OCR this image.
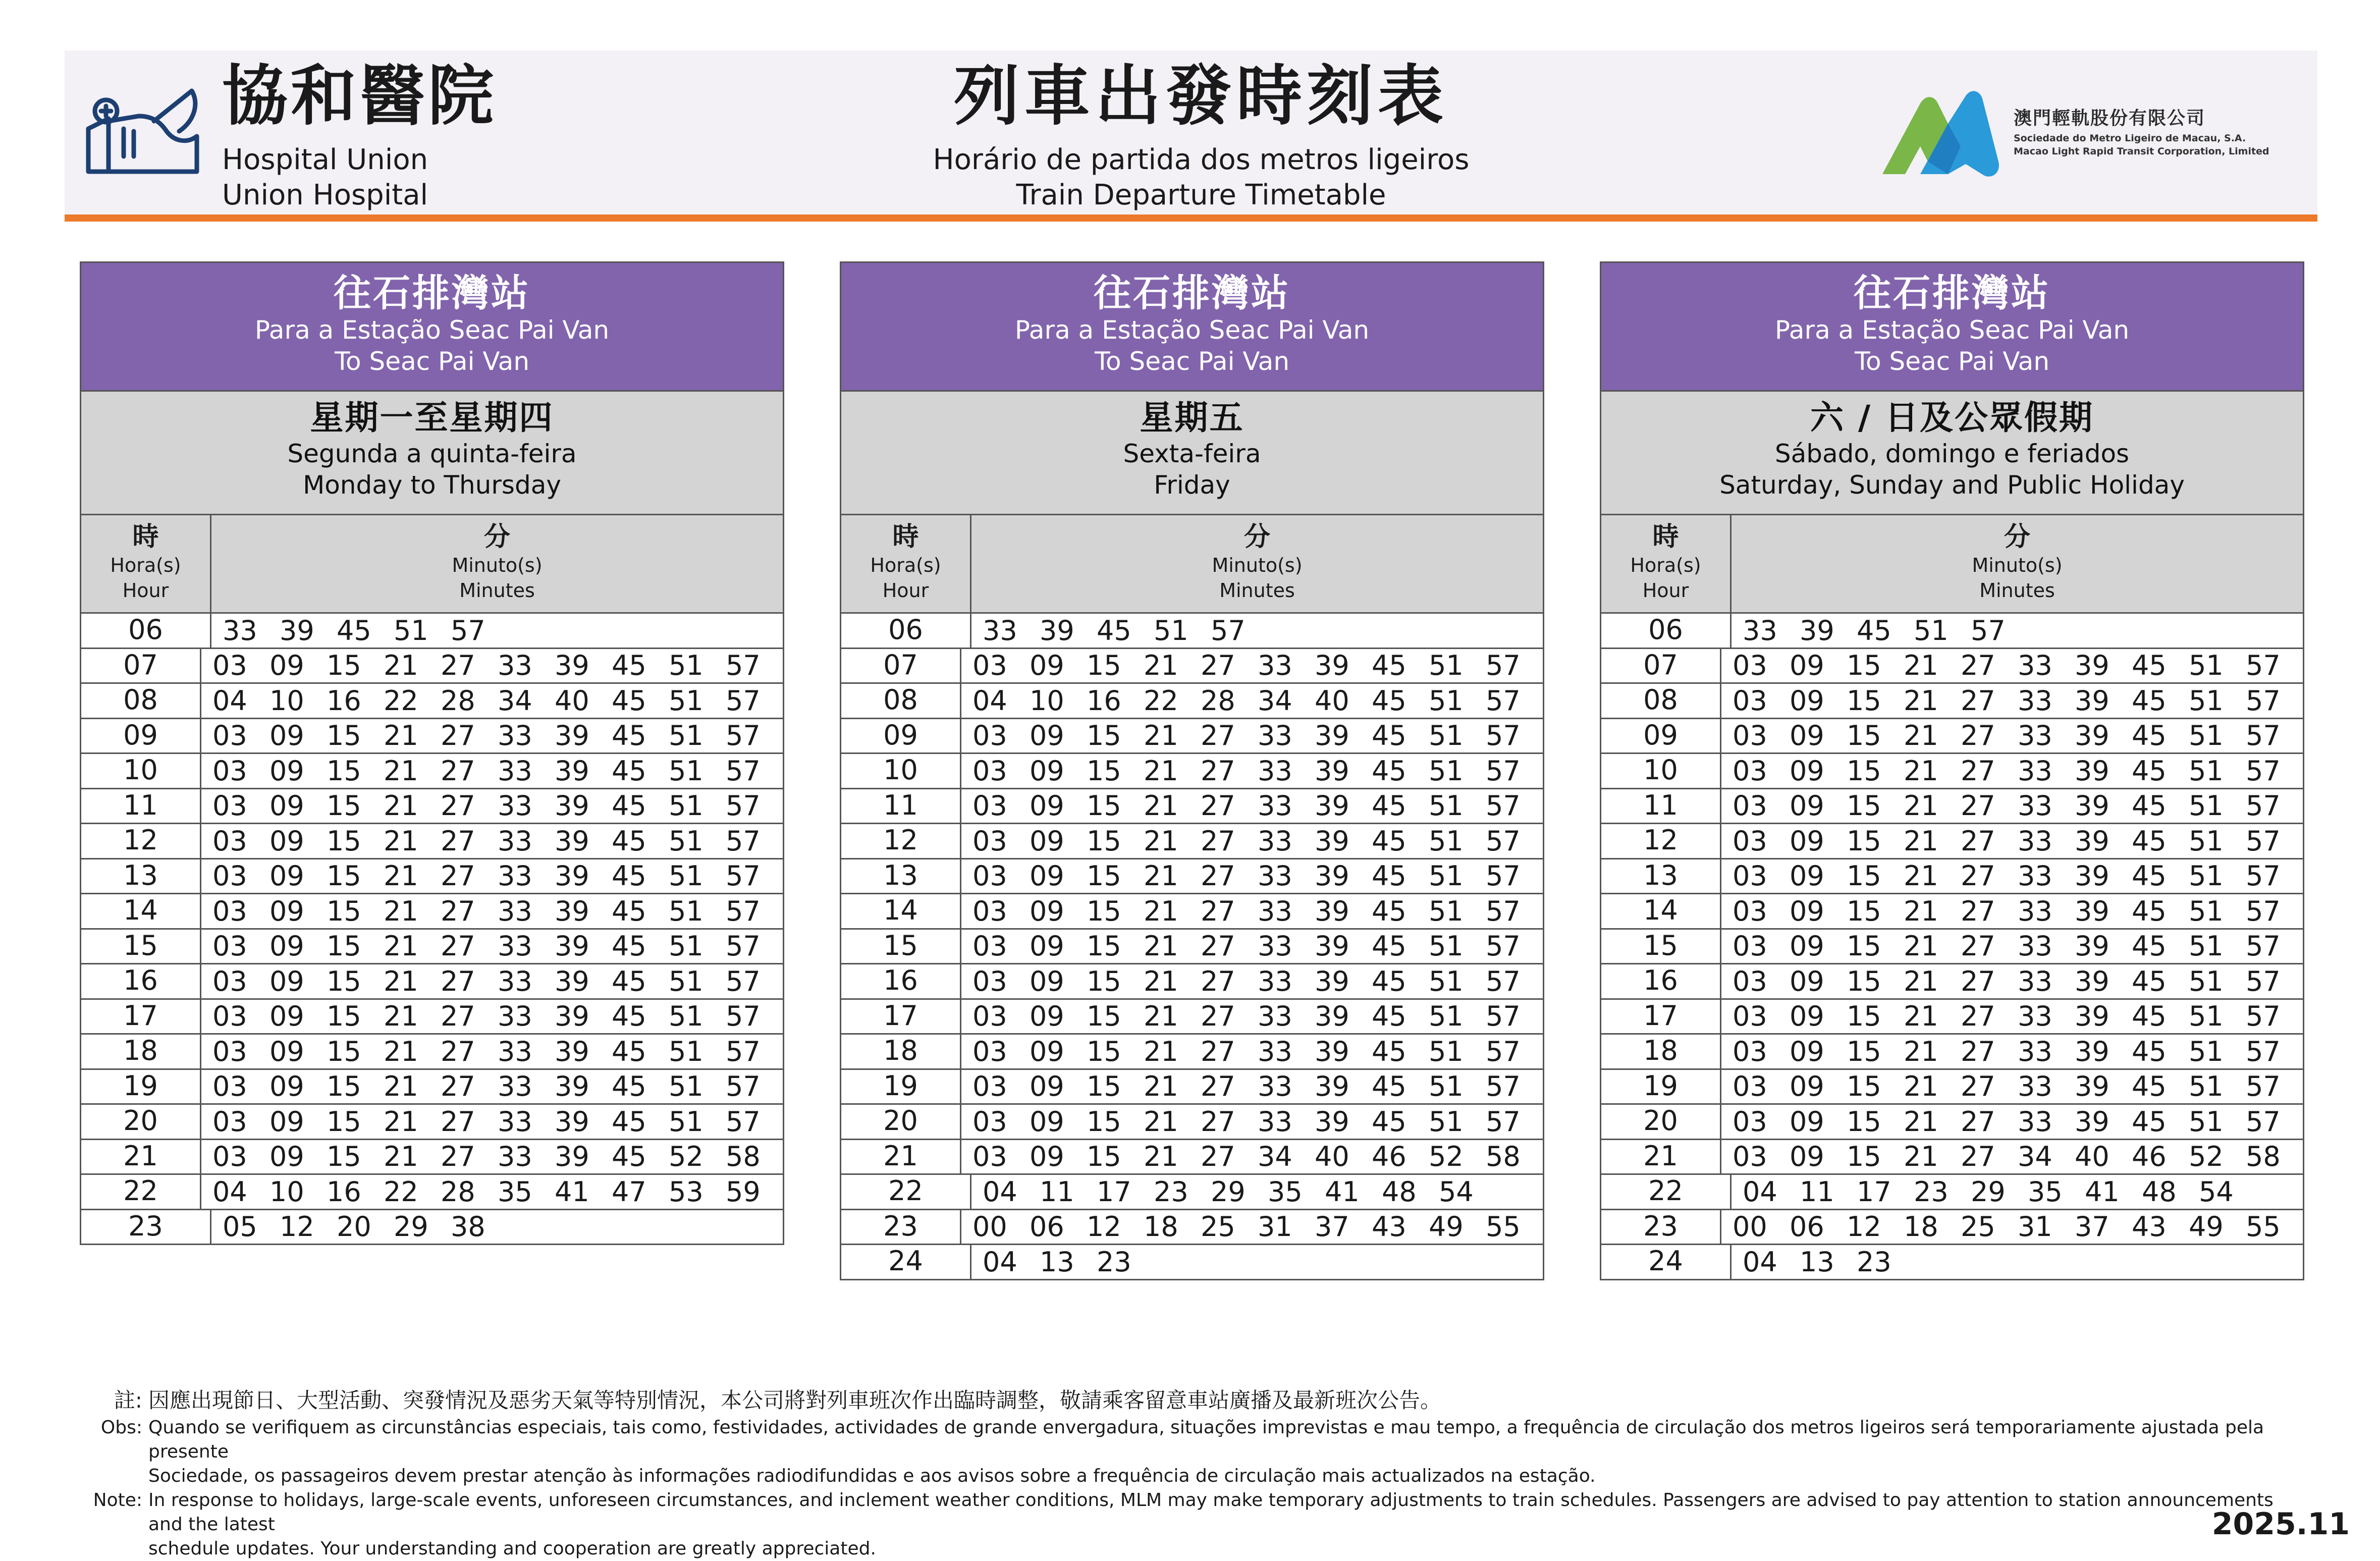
協和醫院
Hospital Union
Union Hospital
列車出發時刻表
Horário de partida dos metros ligeiros
Train Departure Timetable
澳門輕軌股份有限公司
Sociedade do Metro Ligeiro de Macau, S.A.
Macao Light Rapid Transit Corporation, Limited
往石排灣站
Para a Estação Seac Pai Van
To Seac Pai Van
星期一至星期四
Segunda a quinta-feira
Monday to Thursday
時
Hora(s)
Hour
分
Minuto(s)
Minutes
06	33 39 45 51 57
07	03 09 15 21 27 33 39 45 51 57
08	04 10 16 22 28 34 40 45 51 57
09	03 09 15 21 27 33 39 45 51 57
10	03 09 15 21 27 33 39 45 51 57
11	03 09 15 21 27 33 39 45 51 57
12	03 09 15 21 27 33 39 45 51 57
13	03 09 15 21 27 33 39 45 51 57
14	03 09 15 21 27 33 39 45 51 57
15	03 09 15 21 27 33 39 45 51 57
16	03 09 15 21 27 33 39 45 51 57
17	03 09 15 21 27 33 39 45 51 57
18	03 09 15 21 27 33 39 45 51 57
19	03 09 15 21 27 33 39 45 51 57
20	03 09 15 21 27 33 39 45 51 57
21	03 09 15 21 27 33 39 45 52 58
22	04 10 16 22 28 35 41 47 53 59
23	05 12 20 29 38
往石排灣站
Para a Estação Seac Pai Van
To Seac Pai Van
星期五
Sexta-feira
Friday
時
Hora(s)
Hour
分
Minuto(s)
Minutes
06	33 39 45 51 57
07	03 09 15 21 27 33 39 45 51 57
08	04 10 16 22 28 34 40 45 51 57
09	03 09 15 21 27 33 39 45 51 57
10	03 09 15 21 27 33 39 45 51 57
11	03 09 15 21 27 33 39 45 51 57
12	03 09 15 21 27 33 39 45 51 57
13	03 09 15 21 27 33 39 45 51 57
14	03 09 15 21 27 33 39 45 51 57
15	03 09 15 21 27 33 39 45 51 57
16	03 09 15 21 27 33 39 45 51 57
17	03 09 15 21 27 33 39 45 51 57
18	03 09 15 21 27 33 39 45 51 57
19	03 09 15 21 27 33 39 45 51 57
20	03 09 15 21 27 33 39 45 51 57
21	03 09 15 21 27 34 40 46 52 58
22	04 11 17 23 29 35 41 48 54
23	00 06 12 18 25 31 37 43 49 55
24	04 13 23
往石排灣站
Para a Estação Seac Pai Van
To Seac Pai Van
六 / 日及公眾假期
Sábado, domingo e feriados
Saturday, Sunday and Public Holiday
時
Hora(s)
Hour
分
Minuto(s)
Minutes
06	33 39 45 51 57
07	03 09 15 21 27 33 39 45 51 57
08	03 09 15 21 27 33 39 45 51 57
09	03 09 15 21 27 33 39 45 51 57
10	03 09 15 21 27 33 39 45 51 57
11	03 09 15 21 27 33 39 45 51 57
12	03 09 15 21 27 33 39 45 51 57
13	03 09 15 21 27 33 39 45 51 57
14	03 09 15 21 27 33 39 45 51 57
15	03 09 15 21 27 33 39 45 51 57
16	03 09 15 21 27 33 39 45 51 57
17	03 09 15 21 27 33 39 45 51 57
18	03 09 15 21 27 33 39 45 51 57
19	03 09 15 21 27 33 39 45 51 57
20	03 09 15 21 27 33 39 45 51 57
21	03 09 15 21 27 34 40 46 52 58
22	04 11 17 23 29 35 41 48 54
23	00 06 12 18 25 31 37 43 49 55
24	04 13 23
註: 因應出現節日、大型活動、突發情況及惡劣天氣等特別情況，本公司將對列車班次作出臨時調整，敬請乘客留意車站廣播及最新班次公告。
Obs: Quando se verifiquem as circunstâncias especiais, tais como, festividades, actividades de grande envergadura, situações imprevistas e mau tempo, a frequência de circulação dos metros ligeiros será temporariamente ajustada pela presente
Sociedade, os passageiros devem prestar atenção às informações radiodifundidas e aos avisos sobre a frequência de circulação mais actualizados na estação.
Note: In response to holidays, large-scale events, unforeseen circumstances, and inclement weather conditions, MLM may make temporary adjustments to train schedules. Passengers are advised to pay attention to station announcements and the latest
schedule updates. Your understanding and cooperation are greatly appreciated.
2025.11
